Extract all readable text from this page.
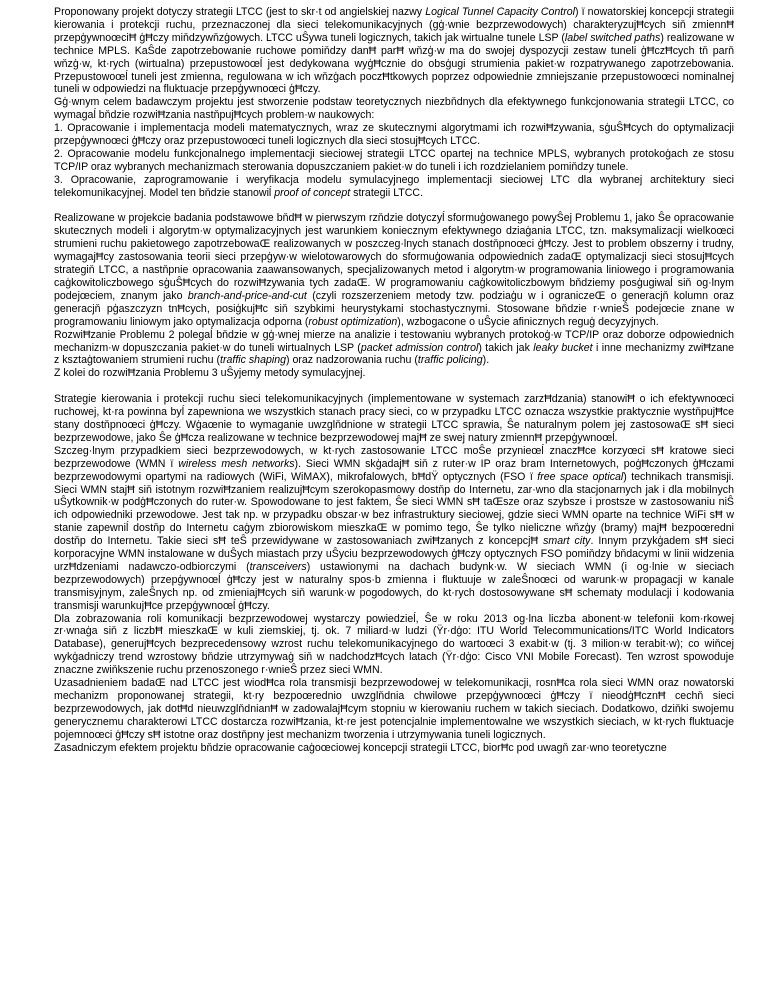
Proponowany projekt dotyczy strategii LTCC (jest to skr·t od angielskiej nazwy Logical Tunnel Capacity Control) ï nowatorskiej koncepcji strategii kierowania i protekcji ruchu, przeznaczonej dla sieci telekomunikacyjnych (gģ·wnie bezprzewodowych) charakteryzujĦcych siň zmiennĦ przepģywnoœciĦ ģĦczy miňdzywňzģowych. LTCC uŜywa tuneli logicznych, takich jak wirtualne tunele LSP (label switched paths) realizowane w technice MPLS. KaŜde zapotrzebowanie ruchowe pomiňdzy danĦ parĦ wňzģ·w ma do swojej dyspozycji zestaw tuneli ģĦczĦcych tň parň wňzģ·w, kt·rych (wirtualna) przepustowoœĺ jest dedykowana wyģĦcznie do obsģugi strumienia pakiet·w rozpatrywanego zapotrzebowania. Przepustowoœĺ tuneli jest zmienna, regulowana w ich wňzģach poczĦtkowych poprzez odpowiednie zmniejszanie przepustowoœci nominalnej tuneli w odpowiedzi na fluktuacje przepģywnoœci ģĦczy.

Gģ·wnym celem badawczym projektu jest stworzenie podstaw teoretycznych niezbňdnych dla efektywnego funkcjonowania strategii LTCC, co wymagaĺ bňdzie rozwiĦzania nastňpujĦcych problem·w naukowych:

1. Opracowanie i implementacja modeli matematycznych, wraz ze skutecznymi algorytmami ich rozwiĦzywania, sģuŜĦcych do optymalizacji przepģywnoœci ģĦczy oraz przepustowoœci tuneli logicznych dla sieci stosujĦcych LTCC.

2. Opracowanie modelu funkcjonalnego implementacji sieciowej strategii LTCC opartej na technice MPLS, wybranych protokoģach ze stosu TCP/IP oraz wybranych mechanizmach sterowania dopuszczaniem pakiet·w do tuneli i ich rozdzielaniem pomiňdzy tunele.

3. Opracowanie, zaprogramowanie i weryfikacja modelu symulacyjnego implementacji sieciowej LTC dla wybranej architektury sieci telekomunikacyjnej. Model ten bňdzie stanowiĺ proof of concept strategii LTCC.

Realizowane w projekcie badania podstawowe bňdĦ w pierwszym rzňdzie dotyczyĺ sformuģowanego powyŜej Problemu 1, jako Ŝe opracowanie skutecznych modeli i algorytm·w optymalizacyjnych jest warunkiem koniecznym efektywnego dziaģania LTCC, tzn. maksymalizacji wielkoœci strumieni ruchu pakietowego zapotrzebowaŒ realizowanych w poszczeg·lnych stanach dostňpnoœci ģĦczy. Jest to problem obszerny i trudny, wymagajĦcy zastosowania teorii sieci przepģyw·w wielotowarowych do sformuģowania odpowiednich zadaŒ optymalizacji sieci stosujĦcych strategiň LTCC, a nastňpnie opracowania zaawansowanych, specjalizowanych metod i algorytm·w programowania liniowego i programowania caģkowitoliczbowego sģuŜĦcych do rozwiĦzywania tych zadaŒ. W programowaniu caģkowitoliczbowym bňdziemy posģugiwaĺ siň og·lnym podejœciem, znanym jako branch-and-price-and-cut (czyli rozszerzeniem metody tzw. podziaģu w i ograniczeŒ o generacjň kolumn oraz generacjň pģaszczyzn tnĦcych, posiģkujĦc siň szybkimi heurystykami stochastycznymi. Stosowane bňdzie r·wnieŜ podejœcie znane w programowaniu liniowym jako optymalizacja odporna (robust optimization), wzbogacone o uŜycie afinicznych reguģ decyzyjnych.

RozwiĦzanie Problemu 2 polegaĺ bňdzie w gģ·wnej mierze na analizie i testowaniu wybranych protokoģ·w TCP/IP oraz doborze odpowiednich mechanizm·w dopuszczania pakiet·w do tuneli wirtualnych LSP (packet admission control) takich jak leaky bucket i inne mechanizmy zwiĦzane z ksztaģtowaniem strumieni ruchu (traffic shaping) oraz nadzorowania ruchu (traffic policing).

Z kolei do rozwiĦzania Problemu 3 uŜyjemy metody symulacyjnej.

Strategie kierowania i protekcji ruchu sieci telekomunikacyjnych (implementowane w systemach zarzĦdzania) stanowiĦ o ich efektywnoœci ruchowej, kt·ra powinna byĺ zapewniona we wszystkich stanach pracy sieci, co w przypadku LTCC oznacza wszystkie praktycznie wystňpujĦce stany dostňpnoœci ģĦczy. Wģaœnie to wymaganie uwzglňdnione w strategii LTCC sprawia, Ŝe naturalnym polem jej zastosowaŒ sĦ sieci bezprzewodowe, jako Ŝe ģĦcza realizowane w technice bezprzewodowej majĦ ze swej natury zmiennĦ przepģywnoœĺ.

Szczeg·lnym przypadkiem sieci bezprzewodowych, w kt·rych zastosowanie LTCC moŜe przynieœĺ znaczĦce korzyœci sĦ kratowe sieci bezprzewodowe (WMN ï wireless mesh networks). Sieci WMN skģadajĦ siň z ruter·w IP oraz bram Internetowych, poģĦczonych ģĦczami bezprzewodowymi opartymi na radiowych (WiFi, WiMAX), mikrofalowych, bĦdŸ optycznych (FSO ï free space optical) technikach transmisji. Sieci WMN stajĦ siň istotnym rozwiĦzaniem realizujĦcym szerokopasmowy dostňp do Internetu, zar·wno dla stacjonarnych jak i dla mobilnych uŜytkownik·w podģĦczonych do ruter·w. Spowodowane to jest faktem, Ŝe sieci WMN sĦ taŒsze oraz szybsze i prostsze w zastosowaniu niŜ ich odpowiedniki przewodowe. Jest tak np. w przypadku obszar·w bez infrastruktury sieciowej, gdzie sieci WMN oparte na technice WiFi sĦ w stanie zapewniĺ dostňp do Internetu caģym zbiorowiskom mieszkaŒ w pomimo tego, Ŝe tylko nieliczne wňzģy (bramy) majĦ bezpoœredni dostňp do Internetu. Takie sieci sĦ teŜ przewidywane w zastosowaniach zwiĦzanych z koncepcjĦ smart city. Innym przykģadem sĦ sieci korporacyjne WMN instalowane w duŜych miastach przy uŜyciu bezprzewodowych ģĦczy optycznych FSO pomiňdzy bňdacymi w linii widzenia urzĦdzeniami nadawczo-odbiorczymi (transceivers) ustawionymi na dachach budynk·w. W sieciach WMN (i og·lnie w sieciach bezprzewodowych) przepģywnoœĺ ģĦczy jest w naturalny spos·b zmienna i fluktuuje w zaleŜnoœci od warunk·w propagacji w kanale transmisyjnym, zaleŜnych np. od zmieniajĦcych siň warunk·w pogodowych, do kt·rych dostosowywane sĦ schematy modulacji i kodowania transmisji warunkujĦce przepģywnoœĺ ģĦczy.

Dla zobrazowania roli komunikacji bezprzewodowej wystarczy powiedzieĺ, Ŝe w roku 2013 og·lna liczba abonent·w telefonii kom·rkowej zr·wnaģa siň z liczbĦ mieszkaŒ w kuli ziemskiej, tj. ok. 7 miliard·w ludzi (Ÿr·dģo: ITU World Telecommunications/ITC World Indicators Database), generujĦcych bezprecedensowy wzrost ruchu telekomunikacyjnego do wartoœci 3 exabit·w (tj. 3 milion·w terabit·w); co wiňcej wykģadniczy trend wzrostowy bňdzie utrzymywaģ siň w nadchodzĦcych latach (Ÿr·dģo: Cisco VNI Mobile Forecast). Ten wzrost spowoduje znaczne zwiňkszenie ruchu przenoszonego r·wnieŜ przez sieci WMN.

Uzasadnieniem badaŒ nad LTCC jest wiodĦca rola transmisji bezprzewodowej w telekomunikacji, rosnĦca rola sieci WMN oraz nowatorski mechanizm proponowanej strategii, kt·ry bezpoœrednio uwzglňdnia chwilowe przepģywnoœci ģĦczy ï nieodģĦcznĦ cechň sieci bezprzewodowych, jak dotĦd nieuwzglňdnianĦ w zadowalajĦcym stopniu w kierowaniu ruchem w takich sieciach. Dodatkowo, dziňki swojemu generycznemu charakterowi LTCC dostarcza rozwiĦzania, kt·re jest potencjalnie implementowalne we wszystkich sieciach, w kt·rych fluktuacje pojemnoœci ģĦczy sĦ istotne oraz dostňpny jest mechanizm tworzenia i utrzymywania tuneli logicznych.

Zasadniczym efektem projektu bňdzie opracowanie caģoœciowej koncepcji strategii LTCC, biorĦc pod uwagň zar·wno teoretyczne
